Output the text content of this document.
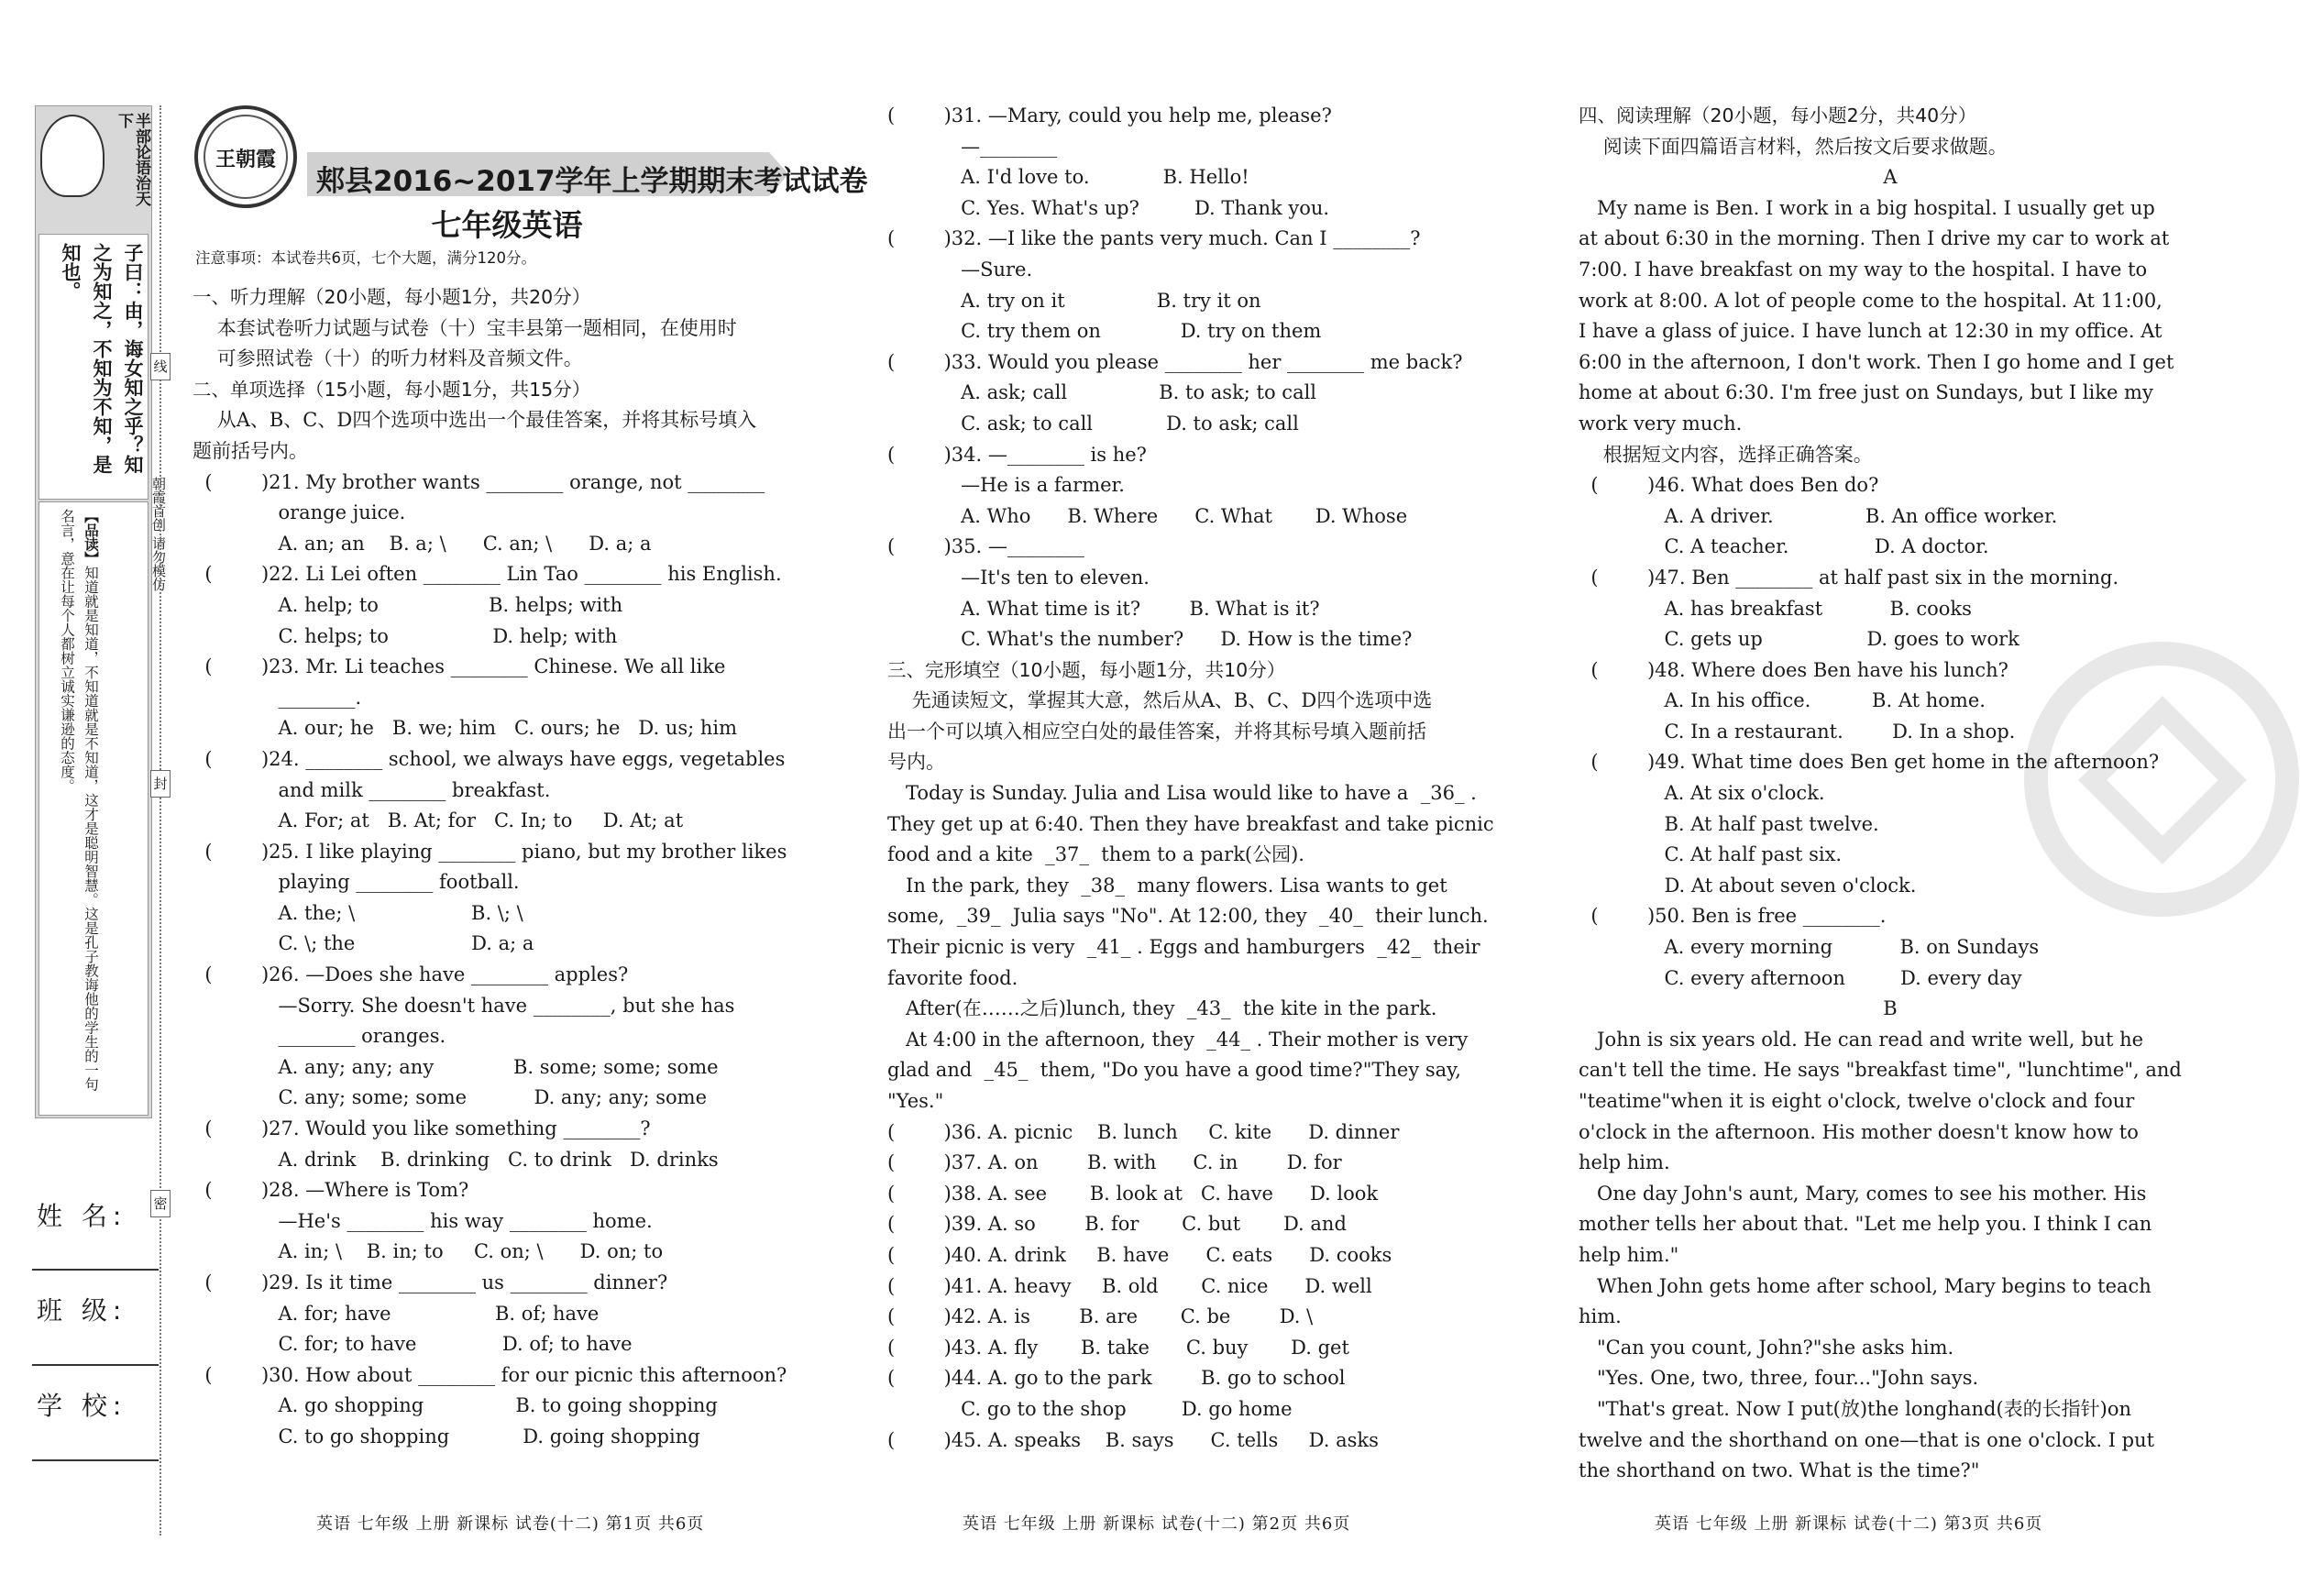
半部论语治天下
子曰：由，诲女知之乎？知之为知之，不知为不知，是知也。
【品读】知道就是知道，不知道就是不知道，这才是聪明智慧。这是孔子教诲他的学生的一句名言，意在让每个人都树立诚实谦逊的态度。	朝霞首创 请勿模仿
姓 名:
班 级:
学 校:
线
封
密
王朝霞
郏县2016~2017学年上学期期末考试试卷
七年级英语
注意事项：本试卷共6页，七个大题，满分120分。
一、听力理解（20小题，每小题1分，共20分）
本套试卷听力试题与试卷（十）宝丰县第一题相同，在使用时
可参照试卷（十）的听力材料及音频文件。
二、单项选择（15小题，每小题1分，共15分）
从A、B、C、D四个选项中选出一个最佳答案，并将其标号填入
题前括号内。
(        )21. My brother wants ________ orange, not ________
orange juice.
A. an; an    B. a; \      C. an; \      D. a; a
(        )22. Li Lei often ________ Lin Tao ________ his English.
A. help; to                  B. helps; with
C. helps; to                 D. help; with
(        )23. Mr. Li teaches ________ Chinese. We all like
________.
A. our; he   B. we; him   C. ours; he   D. us; him
(        )24. ________ school, we always have eggs, vegetables
and milk ________ breakfast.
A. For; at   B. At; for   C. In; to     D. At; at
(        )25. I like playing ________ piano, but my brother likes
playing ________ football.
A. the; \                   B. \; \
C. \; the                   D. a; a
(        )26. —Does she have ________ apples?
—Sorry. She doesn't have ________, but she has
________ oranges.
A. any; any; any             B. some; some; some
C. any; some; some           D. any; any; some
(        )27. Would you like something ________?
A. drink    B. drinking   C. to drink   D. drinks
(        )28. —Where is Tom?
—He's ________ his way ________ home.
A. in; \    B. in; to     C. on; \      D. on; to
(        )29. Is it time ________ us ________ dinner?
A. for; have                 B. of; have
C. for; to have              D. of; to have
(        )30. How about ________ for our picnic this afternoon?
A. go shopping               B. to going shopping
C. to go shopping            D. going shopping
(        )31. —Mary, could you help me, please?
—________
A. I'd love to.            B. Hello!
C. Yes. What's up?         D. Thank you.
(        )32. —I like the pants very much. Can I ________?
—Sure.
A. try on it               B. try it on
C. try them on             D. try on them
(        )33. Would you please ________ her ________ me back?
A. ask; call               B. to ask; to call
C. ask; to call            D. to ask; call
(        )34. —________ is he?
—He is a farmer.
A. Who      B. Where      C. What       D. Whose
(        )35. —________
—It's ten to eleven.
A. What time is it?        B. What is it?
C. What's the number?      D. How is the time?
三、完形填空（10小题，每小题1分，共10分）
先通读短文，掌握其大意，然后从A、B、C、D四个选项中选
出一个可以填入相应空白处的最佳答案，并将其标号填入题前括
号内。
Today is Sunday. Julia and Lisa would like to have a  _36_ .
They get up at 6:40. Then they have breakfast and take picnic
food and a kite  _37_  them to a park(公园).
In the park, they  _38_  many flowers. Lisa wants to get
some,  _39_  Julia says "No". At 12:00, they  _40_  their lunch.
Their picnic is very  _41_ . Eggs and hamburgers  _42_  their
favorite food.
After(在……之后)lunch, they  _43_  the kite in the park.
At 4:00 in the afternoon, they  _44_ . Their mother is very
glad and  _45_  them, "Do you have a good time?"They say,
"Yes."
(        )36. A. picnic    B. lunch     C. kite      D. dinner
(        )37. A. on        B. with      C. in        D. for
(        )38. A. see       B. look at   C. have      D. look
(        )39. A. so        B. for       C. but       D. and
(        )40. A. drink     B. have      C. eats      D. cooks
(        )41. A. heavy     B. old       C. nice      D. well
(        )42. A. is        B. are       C. be        D. \
(        )43. A. fly       B. take      C. buy       D. get
(        )44. A. go to the park        B. go to school
C. go to the shop         D. go home
(        )45. A. speaks    B. says      C. tells     D. asks
四、阅读理解（20小题，每小题2分，共40分）
阅读下面四篇语言材料，然后按文后要求做题。
A
My name is Ben. I work in a big hospital. I usually get up
at about 6:30 in the morning. Then I drive my car to work at
7:00. I have breakfast on my way to the hospital. I have to
work at 8:00. A lot of people come to the hospital. At 11:00,
I have a glass of juice. I have lunch at 12:30 in my office. At
6:00 in the afternoon, I don't work. Then I go home and I get
home at about 6:30. I'm free just on Sundays, but I like my
work very much.
根据短文内容，选择正确答案。
(        )46. What does Ben do?
A. A driver.               B. An office worker.
C. A teacher.              D. A doctor.
(        )47. Ben ________ at half past six in the morning.
A. has breakfast           B. cooks
C. gets up                 D. goes to work
(        )48. Where does Ben have his lunch?
A. In his office.          B. At home.
C. In a restaurant.        D. In a shop.
(        )49. What time does Ben get home in the afternoon?
A. At six o'clock.
B. At half past twelve.
C. At half past six.
D. At about seven o'clock.
(        )50. Ben is free ________.
A. every morning           B. on Sundays
C. every afternoon         D. every day
B
John is six years old. He can read and write well, but he
can't tell the time. He says "breakfast time", "lunchtime", and
"teatime"when it is eight o'clock, twelve o'clock and four
o'clock in the afternoon. His mother doesn't know how to
help him.
One day John's aunt, Mary, comes to see his mother. His
mother tells her about that. "Let me help you. I think I can
help him."
When John gets home after school, Mary begins to teach
him.
"Can you count, John?"she asks him.
"Yes. One, two, three, four..."John says.
"That's great. Now I put(放)the longhand(表的长指针)on
twelve and the shorthand on one—that is one o'clock. I put
the shorthand on two. What is the time?"
英语 七年级 上册 新课标 试卷(十二) 第1页 共6页	英语 七年级 上册 新课标 试卷(十二) 第2页 共6页	英语 七年级 上册 新课标 试卷(十二) 第3页 共6页
